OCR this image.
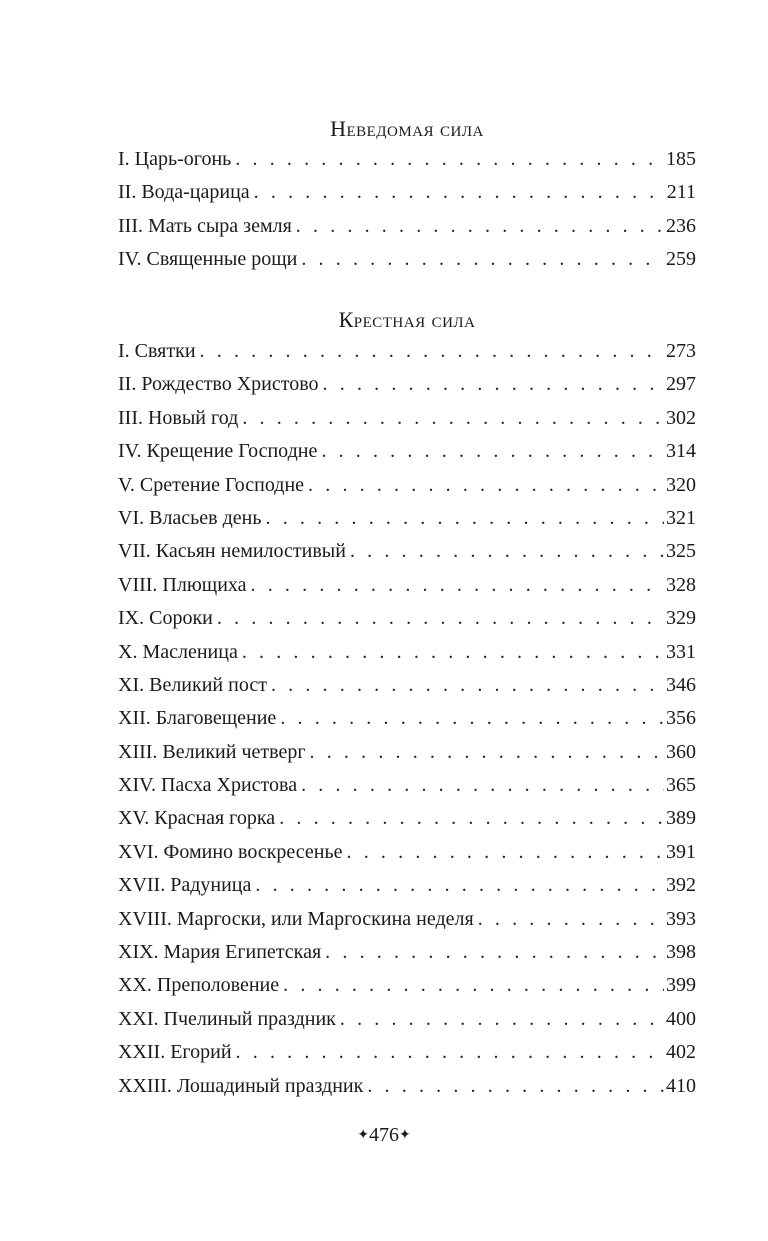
Неведомая сила
I. Царь-огонь . . .	185
II. Вода-царица . . .	211
III. Мать сыра земля . . .	236
IV. Священные рощи . . .	259
Крестная сила
I. Святки . . .	273
II. Рождество Христово . . .	297
III. Новый год . . .	302
IV. Крещение Господне . . .	314
V. Сретение Господне . . .	320
VI. Власьев день . . .	321
VII. Касьян немилостивый . . .	325
VIII. Плющиха . . .	328
IX. Сороки . . .	329
X. Масленица . . .	331
XI. Великий пост . . .	346
XII. Благовещение . . .	356
XIII. Великий четверг . . .	360
XIV. Пасха Христова . . .	365
XV. Красная горка . . .	389
XVI. Фомино воскресенье . . .	391
XVII. Радуница . . .	392
XVIII. Маргоски, или Маргоскина неделя . . .	393
XIX. Мария Египетская . . .	398
XX. Преполовение . . .	399
XXI. Пчелиный праздник . . .	400
XXII. Егорий . . .	402
XXIII. Лошадиный праздник . . .	410
✦476✦
